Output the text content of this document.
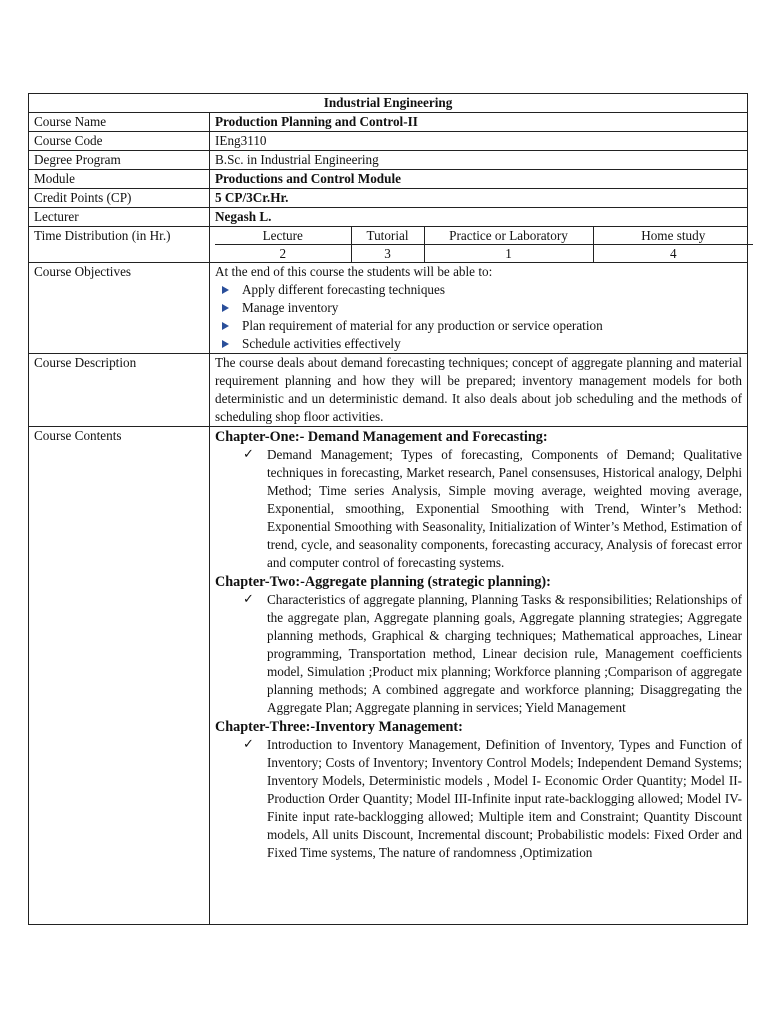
Industrial Engineering
Course Name	Production Planning and Control-II
Course Code	IEng3110
Degree Program	B.Sc. in Industrial Engineering
Module	Productions and Control Module
Credit Points (CP)	5 CP/3Cr.Hr.
Lecturer	Negash L.
Time Distribution (in Hr.)		Lecture	Tutorial	Practice or Laboratory	Home study
2	3	1	4

Course Objectives	At the end of this course the students will be able to:
Apply different forecasting techniques
Manage inventory
Plan requirement of material for any production or service operation
Schedule activities effectively

Course Description	The course deals about demand forecasting techniques; concept of aggregate planning and material requirement planning and how they will be prepared; inventory management models for both deterministic and un deterministic demand. It also deals about job scheduling and the methods of scheduling shop floor activities.
Course Contents	Chapter-One:- Demand Management and Forecasting:
✓ Demand Management; Types of forecasting, Components of Demand; Qualitative techniques in forecasting, Market research, Panel consensuses, Historical analogy, Delphi Method; Time series Analysis, Simple moving average, weighted moving average, Exponential, smoothing, Exponential Smoothing with Trend, Winter’s Method: Exponential Smoothing with Seasonality, Initialization of Winter’s Method, Estimation of trend, cycle, and seasonality components, forecasting accuracy, Analysis of forecast error and computer control of forecasting systems.
Chapter-Two:-Aggregate planning (strategic planning):
✓ Characteristics of aggregate planning, Planning Tasks & responsibilities; Relationships of the aggregate plan, Aggregate planning goals, Aggregate planning strategies; Aggregate planning methods, Graphical & charging techniques; Mathematical approaches, Linear programming, Transportation method, Linear decision rule, Management coefficients model, Simulation ;Product mix planning; Workforce planning ;Comparison of aggregate planning methods; A combined aggregate and workforce planning; Disaggregating the Aggregate Plan; Aggregate planning in services; Yield Management
Chapter-Three:-Inventory Management:
✓ Introduction to Inventory Management, Definition of Inventory, Types and Function of Inventory; Costs of Inventory; Inventory Control Models; Independent Demand Systems; Inventory Models, Deterministic models , Model I- Economic Order Quantity; Model II- Production Order Quantity; Model III-Infinite input rate-backlogging allowed; Model IV-Finite input rate-backlogging allowed; Multiple item and Constraint; Quantity Discount models, All units Discount, Incremental discount; Probabilistic models: Fixed Order and Fixed Time systems, The nature of randomness ,Optimization
